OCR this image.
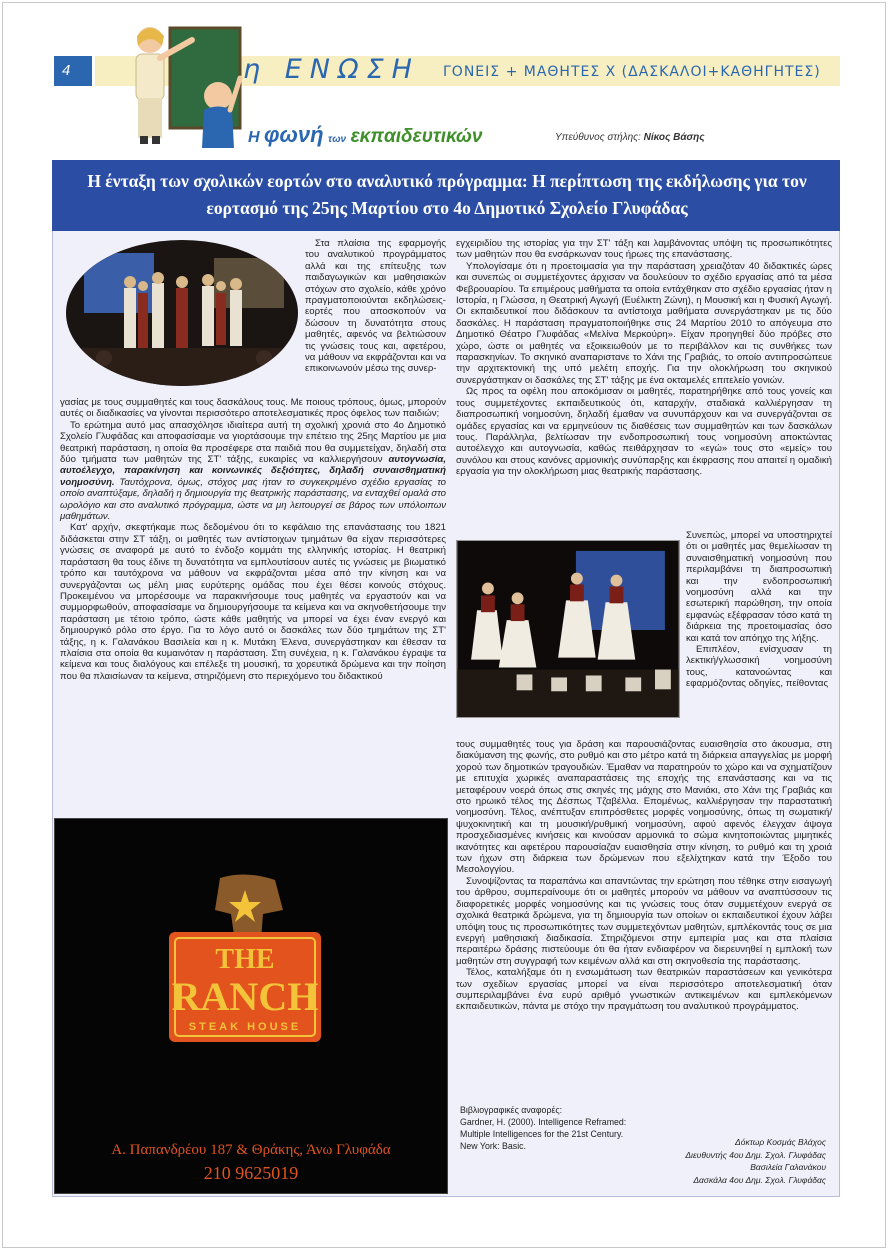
4	η ΕΝΩΣΗ ΓΟΝΕΙΣ + ΜΑΘΗΤΕΣ Χ (ΔΑΣΚΑΛΟΙ+ΚΑΘΗΓΗΤΕΣ)
Η φωνή των εκπαιδευτικών	Υπεύθυνος στήλης: Νίκος Βάσης
Η ένταξη των σχολικών εορτών στο αναλυτικό πρόγραμμα: Η περίπτωση της εκδήλωσης για τον εορτασμό της 25ης Μαρτίου στο 4ο Δημοτικό Σχολείο Γλυφάδας

Στα πλαίσια της εφαρμογής του αναλυτικού προγράμματος αλλά και της επίτευξης των παιδαγωγικών και μαθησιακών στόχων στο σχολείο, κάθε χρόνο πραγματοποιούνται εκδηλώσεις-εορτές που αποσκοπούν να δώσουν τη δυνατότητα στους μαθητές, αφενός να βελτιώσουν τις γνώσεις τους και, αφετέρου, να μάθουν να εκφράζονται και να επικοινωνούν μέσω της συνερ-

γασίας με τους συμμαθητές και τους δασκάλους τους. Με ποιους τρόπους, όμως, μπορούν αυτές οι διαδικασίες να γίνονται περισσότερο αποτελεσματικές προς όφελος των παιδιών;

Το ερώτημα αυτό μας απασχόλησε ιδιαίτερα αυτή τη σχολική χρονιά στο 4ο Δημοτικό Σχολείο Γλυφάδας και αποφασίσαμε να γιορτάσουμε την επέτειο της 25ης Μαρτίου με μια θεατρική παράσταση, η οποία θα προσέφερε στα παιδιά που θα συμμετείχαν, δηλαδή στα δύο τμήματα των μαθητών της ΣΤ' τάξης, ευκαιρίες να καλλιεργήσουν αυτογνωσία, αυτοέλεγχο, παρακίνηση και κοινωνικές δεξιότητες, δηλαδή συναισθηματική νοημοσύνη. Ταυτόχρονα, όμως, στόχος μας ήταν το συγκεκριμένο σχέδιο εργασίας το οποίο αναπτύξαμε, δηλαδή η δημιουργία της θεατρικής παράστασης, να ενταχθεί ομαλά στο ωρολόγιο και στο αναλυτικό πρόγραμμα, ώστε να μη λειτουργεί σε βάρος των υπόλοιπων μαθημάτων.

Κατ' αρχήν, σκεφτήκαμε πως δεδομένου ότι το κεφάλαιο της επανάστασης του 1821 διδάσκεται στην ΣΤ τάξη, οι μαθητές των αντίστοιχων τμημάτων θα είχαν περισσότερες γνώσεις σε αναφορά με αυτό το ένδοξο κομμάτι της ελληνικής ιστορίας. Η θεατρική παράσταση θα τους έδινε τη δυνατότητα να εμπλουτίσουν αυτές τις γνώσεις με βιωματικό τρόπο και ταυτόχρονα να μάθουν να εκφράζονται μέσα από την κίνηση και να συνεργάζονται ως μέλη μιας ευρύτερης ομάδας που έχει θέσει κοινούς στόχους. Προκειμένου να μπορέσουμε να παρακινήσουμε τους μαθητές να εργαστούν και να συμμορφωθούν, αποφασίσαμε να δημιουργήσουμε τα κείμενα και να σκηνοθετήσουμε την παράσταση με τέτοιο τρόπο, ώστε κάθε μαθητής να μπορεί να έχει έναν ενεργό και δημιουργικό ρόλο στο έργο. Για το λόγο αυτό οι δασκάλες των δύο τμημάτων της ΣΤ' τάξης, η κ. Γαλανάκου Βασιλεία και η κ. Μυτάκη Έλενα, συνεργάστηκαν και έθεσαν τα πλαίσια στα οποία θα κυμαινόταν η παράσταση. Στη συνέχεια, η κ. Γαλανάκου έγραψε τα κείμενα και τους διαλόγους και επέλεξε τη μουσική, τα χορευτικά δρώμενα και την ποίηση που θα πλαισίωναν τα κείμενα, στηριζόμενη στο περιεχόμενο του διδακτικού

εγχειριδίου της ιστορίας για την ΣΤ' τάξη και λαμβάνοντας υπόψη τις προσωπικότητες των μαθητών που θα ενσάρκωναν τους ήρωες της επανάστασης.

Υπολογίσαμε ότι η προετοιμασία για την παράσταση χρειαζόταν 40 διδακτικές ώρες και συνεπώς οι συμμετέχοντες άρχισαν να δουλεύουν το σχέδιο εργασίας από τα μέσα Φεβρουαρίου. Τα επιμέρους μαθήματα τα οποία εντάχθηκαν στο σχέδιο εργασίας ήταν η Ιστορία, η Γλώσσα, η Θεατρική Αγωγή (Ευέλικτη Ζώνη), η Μουσική και η Φυσική Αγωγή. Οι εκπαιδευτικοί που διδάσκουν τα αντίστοιχα μαθήματα συνεργάστηκαν με τις δύο δασκάλες. Η παράσταση πραγματοποιήθηκε στις 24 Μαρτίου 2010 το απόγευμα στο Δημοτικό Θέατρο Γλυφάδας «Μελίνα Μερκούρη». Είχαν προηγηθεί δύο πρόβες στο χώρο, ώστε οι μαθητές να εξοικειωθούν με το περιβάλλον και τις συνθήκες των παρασκηνίων. Το σκηνικό αναπαριστανε το Χάνι της Γραβιάς, το οποίο αντιπροσώπευε την αρχιτεκτονική της υπό μελέτη εποχής. Για την ολοκλήρωση του σκηνικού συνεργάστηκαν οι δασκάλες της ΣΤ' τάξης με ένα οκταμελές επιτελείο γονιών.

Ως προς τα οφέλη που αποκόμισαν οι μαθητές, παρατηρήθηκε από τους γονείς και τους συμμετέχοντες εκπαιδευτικούς ότι, καταρχήν, σταδιακά καλλιέργησαν τη διαπροσωπική νοημοσύνη, δηλαδή έμαθαν να συνυπάρχουν και να συνεργάζονται σε ομάδες εργασίας και να ερμηνεύουν τις διαθέσεις των συμμαθητών και των δασκάλων τους. Παράλληλα, βελτίωσαν την ενδοπροσωπική τους νοημοσύνη αποκτώντας αυτοέλεγχο και αυτογνωσία, καθώς πειθάρχησαν το «εγώ» τους στο «εμείς» του συνόλου και στους κανόνες αρμονικής συνύπαρξης και έκφρασης που απαιτεί η ομαδική εργασία για την ολοκλήρωση μιας θεατρικής παράστασης.

Συνεπώς, μπορεί να υποστηριχτεί ότι οι μαθητές μας θεμελίωσαν τη συναισθηματική νοημοσύνη που περιλαμβάνει τη διαπροσωπική και την ενδοπροσωπική νοημοσύνη αλλά και την εσωτερική παρώθηση, την οποία εμφανώς εξέφρασαν τόσο κατά τη διάρκεια της προετοιμασίας όσο και κατά τον απόηχο της λήξης.

Επιπλέον, ενίσχυσαν τη λεκτική/γλωσσική νοημοσύνη τους, κατανοώντας και εφαρμόζοντας οδηγίες, πείθοντας

τους συμμαθητές τους για δράση και παρουσιάζοντας ευαισθησία στο άκουσμα, στη διακύμανση της φωνής, στο ρυθμό και στο μέτρο κατά τη διάρκεια απαγγελίας με μορφή χορού των δημοτικών τραγουδιών. Έμαθαν να παρατηρούν το χώρο και να σχηματίζουν με επιτυχία χωρικές αναπαραστάσεις της εποχής της επανάστασης και να τις μεταφέρουν νοερά όπως στις σκηνές της μάχης στο Μανιάκι, στο Χάνι της Γραβιάς και στο ηρωικό τέλος της Δέσπως Τζαβέλλα. Επομένως, καλλιέργησαν την παραστατική νοημοσύνη. Τέλος, ανέπτυξαν επιπρόσθετες μορφές νοημοσύνης, όπως τη σωματική/ψυχοκινητική και τη μουσική/ρυθμική νοημοσύνη, αφού αφενός έλεγχαν άψογα προσχεδιασμένες κινήσεις και κινούσαν αρμονικά το σώμα κινητοποιώντας μιμητικές ικανότητες και αφετέρου παρουσίαζαν ευαισθησία στην κίνηση, το ρυθμό και τη χροιά των ήχων στη διάρκεια των δρώμενων που εξελίχτηκαν κατά την Έξοδο του Μεσολογγίου.

Συνοψίζοντας τα παραπάνω και απαντώντας την ερώτηση που τέθηκε στην εισαγωγή του άρθρου, συμπεραίνουμε ότι οι μαθητές μπορούν να μάθουν να αναπτύσσουν τις διαφορετικές μορφές νοημοσύνης και τις γνώσεις τους όταν συμμετέχουν ενεργά σε σχολικά θεατρικά δρώμενα, για τη δημιουργία των οποίων οι εκπαιδευτικοί έχουν λάβει υπόψη τους τις προσωπικότητες των συμμετεχόντων μαθητών, εμπλέκοντάς τους σε μια ενεργή μαθησιακή διαδικασία. Στηριζόμενοι στην εμπειρία μας και στα πλαίσια περαιτέρω δράσης πιστεύουμε ότι θα ήταν ενδιαφέρον να διερευνηθεί η εμπλοκή των μαθητών στη συγγραφή των κειμένων αλλά και στη σκηνοθεσία της παράστασης.

Τέλος, καταλήξαμε ότι η ενσωμάτωση των θεατρικών παραστάσεων και γενικότερα των σχεδίων εργασίας μπορεί να είναι περισσότερο αποτελεσματική όταν συμπεριλαμβάνει ένα ευρύ αριθμό γνωστικών αντικειμένων και εμπλεκόμενων εκπαιδευτικών, πάντα με στόχο την πραγμάτωση του αναλυτικού προγράμματος.

Βιβλιογραφικές αναφορές:
Gardner, H. (2000). Intelligence Reframed:
Multiple Intelligences for the 21st Century.
New York: Basic.	Δόκτωρ Κοσμάς Βλάχος
Διευθυντής 4ου Δημ. Σχολ. Γλυφάδας
Βασιλεία Γαλανάκου
Δασκάλα 4ου Δημ. Σχολ. Γλυφάδας
THE
RANCH
STEAK HOUSE
Α. Παπανδρέου 187 & Θράκης, Άνω Γλυφάδα
210 9625019
